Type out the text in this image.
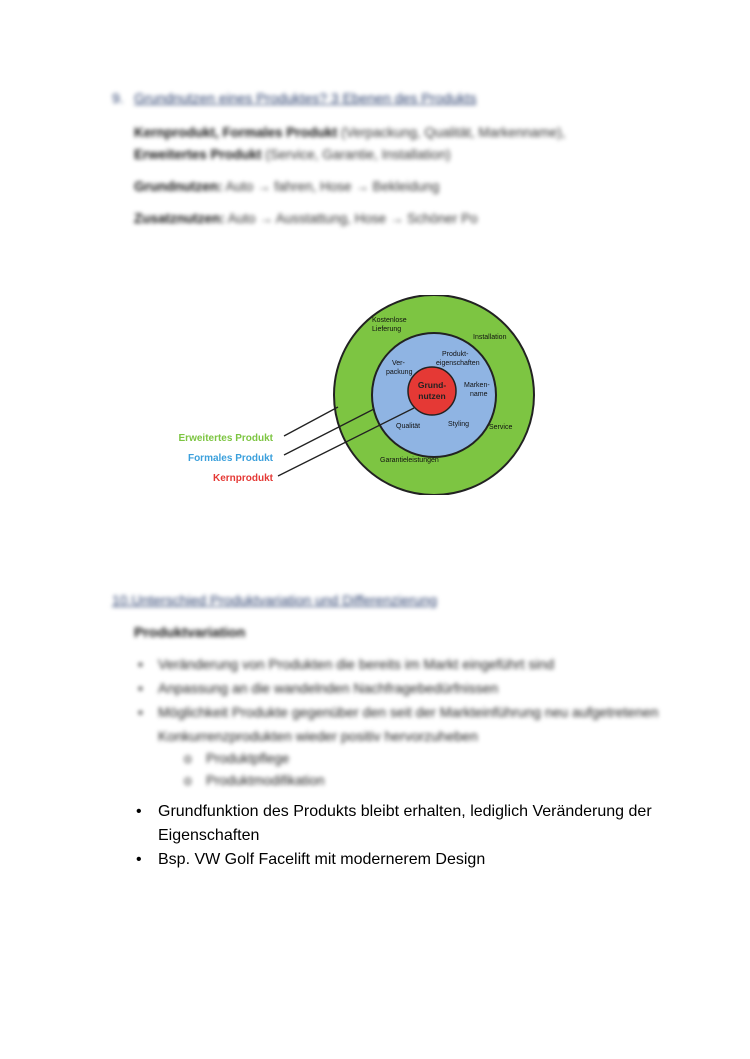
9. Grundnutzen eines Produktes? 3 Ebenen des Produkts
Kernprodukt, Formales Produkt (Verpackung, Qualität, Markenname),
Erweitertes Produkt (Service, Garantie, Installation)
Grundnutzen: Auto → fahren, Hose → Bekleidung
Zusatznutzen: Auto → Ausstattung, Hose → Schöner Po
Kostenlose
Lieferung
Installation
Service
Garantieleistungen
Ver-
packung
Produkt-
eigenschaften
Marken-
name
Qualität	Styling
Grund-
nutzen
Erweitertes Produkt
Formales Produkt
Kernprodukt
10.Unterschied Produktvariation und Differenzierung
Produktvariation
• Veränderung von Produkten die bereits im Markt eingeführt sind
• Anpassung an die wandelnden Nachfragebedürfnissen
• Möglichkeit Produkte gegenüber den seit der Markteinführung neu aufgetretenen Konkurrenzprodukten wieder positiv hervorzuheben
o Produktpflege
o Produktmodifikation
• Grundfunktion des Produkts bleibt erhalten, lediglich Veränderung der Eigenschaften
• Bsp. VW Golf Facelift mit modernerem Design
